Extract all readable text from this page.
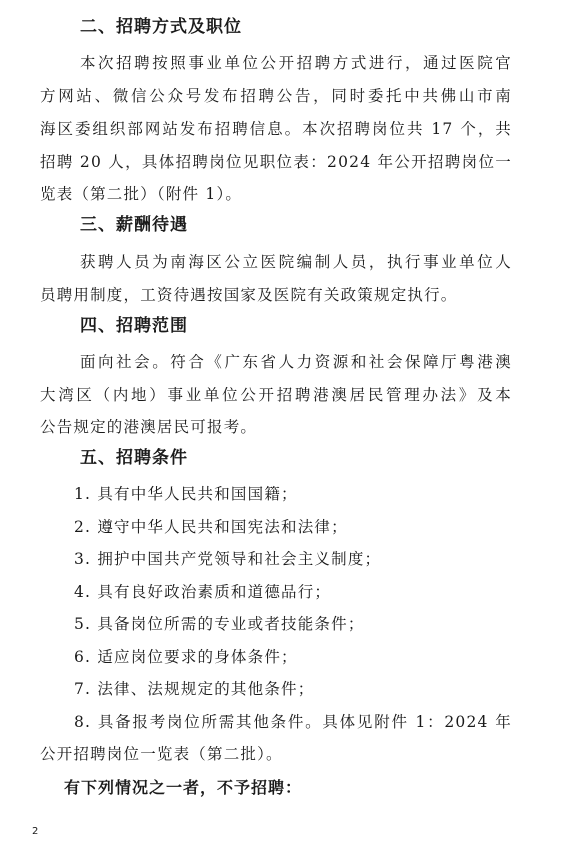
二、招聘方式及职位
本次招聘按照事业单位公开招聘方式进行，通过医院官
方网站、微信公众号发布招聘公告，同时委托中共佛山市南
海区委组织部网站发布招聘信息。本次招聘岗位共 17 个，共
招聘 20 人，具体招聘岗位见职位表：2024 年公开招聘岗位一
览表（第二批）（附件 1）。
三、薪酬待遇
获聘人员为南海区公立医院编制人员，执行事业单位人
员聘用制度，工资待遇按国家及医院有关政策规定执行。
四、招聘范围
面向社会。符合《广东省人力资源和社会保障厅粤港澳
大湾区（内地）事业单位公开招聘港澳居民管理办法》及本
公告规定的港澳居民可报考。
五、招聘条件
1. 具有中华人民共和国国籍；
2. 遵守中华人民共和国宪法和法律；
3. 拥护中国共产党领导和社会主义制度；
4. 具有良好政治素质和道德品行；
5. 具备岗位所需的专业或者技能条件；
6. 适应岗位要求的身体条件；
7. 法律、法规规定的其他条件；
8. 具备报考岗位所需其他条件。具体见附件 1：2024 年
公开招聘岗位一览表（第二批）。
有下列情况之一者，不予招聘：
2
